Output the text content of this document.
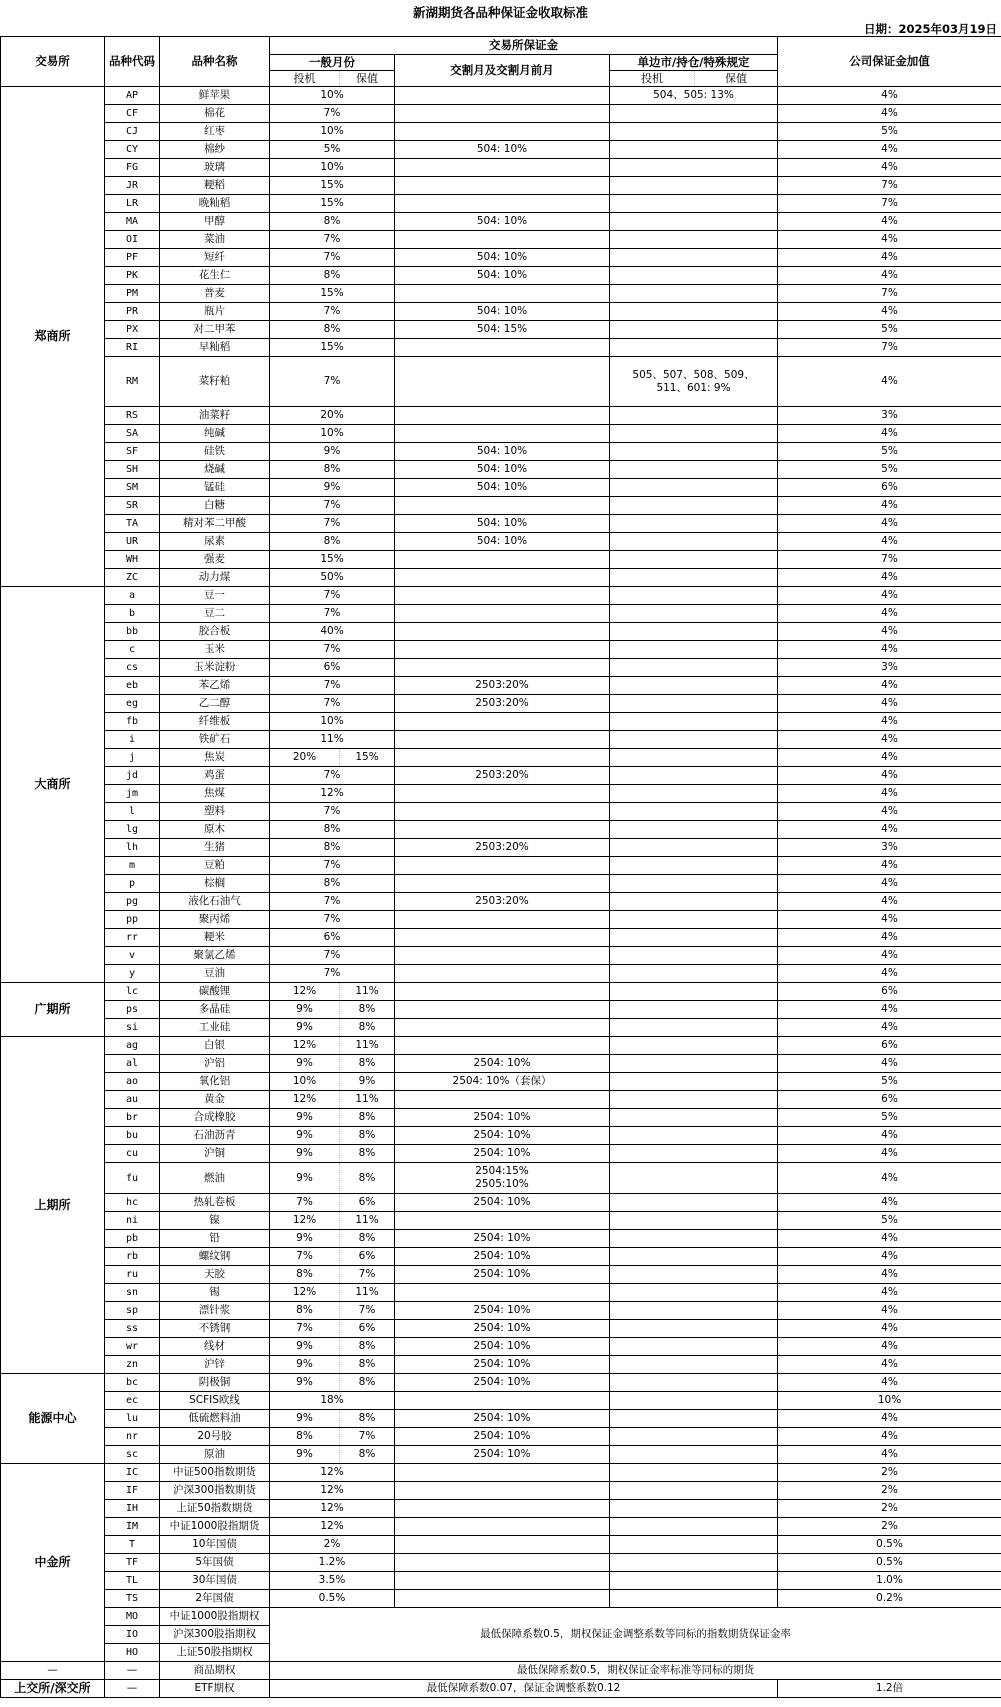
新湖期货各品种保证金收取标准
日期：2025年03月19日
交易所	品种代码	品种名称	交易所保证金					公司保证金加值
			一般月份		交割月及交割月前月	单边市/持仓/特殊规定		
			投机	保值		投机	保值	
郑商所	AP	鲜苹果	10%			504、505: 13%		4%
	CF	棉花	7%					4%
	CJ	红枣	10%					5%
	CY	棉纱	5%		504: 10%			4%
	FG	玻璃	10%					4%
	JR	粳稻	15%					7%
	LR	晚籼稻	15%					7%
	MA	甲醇	8%		504: 10%			4%
	OI	菜油	7%					4%
	PF	短纤	7%		504: 10%			4%
	PK	花生仁	8%		504: 10%			4%
	PM	普麦	15%					7%
	PR	瓶片	7%		504: 10%			4%
	PX	对二甲苯	8%		504: 15%			5%
	RI	早籼稻	15%					7%
	RM	菜籽粕	7%			505、507、508、509、511、601: 9%		4%
	RS	油菜籽	20%					3%
	SA	纯碱	10%					4%
	SF	硅铁	9%		504: 10%			5%
	SH	烧碱	8%		504: 10%			5%
	SM	锰硅	9%		504: 10%			6%
	SR	白糖	7%					4%
	TA	精对苯二甲酸	7%		504: 10%			4%
	UR	尿素	8%		504: 10%			4%
	WH	强麦	15%					7%
	ZC	动力煤	50%					4%
大商所	a	豆一	7%					4%
	b	豆二	7%					4%
	bb	胶合板	40%					4%
	c	玉米	7%					4%
	cs	玉米淀粉	6%					3%
	eb	苯乙烯	7%		2503:20%			4%
	eg	乙二醇	7%		2503:20%			4%
	fb	纤维板	10%					4%
	i	铁矿石	11%					4%
	j	焦炭	20%	15%				4%
	jd	鸡蛋	7%		2503:20%			4%
	jm	焦煤	12%					4%
	l	塑料	7%					4%
	lg	原木	8%					4%
	lh	生猪	8%		2503:20%			3%
	m	豆粕	7%					4%
	p	棕榈	8%					4%
	pg	液化石油气	7%		2503:20%			4%
	pp	聚丙烯	7%					4%
	rr	粳米	6%					4%
	v	聚氯乙烯	7%					4%
	y	豆油	7%					4%
广期所	lc	碳酸锂	12%	11%				6%
	ps	多晶硅	9%	8%				4%
	si	工业硅	9%	8%				4%
上期所	ag	白银	12%	11%				6%
	al	沪铝	9%	8%	2504: 10%			4%
	ao	氧化铝	10%	9%	2504: 10%（套保）			5%
	au	黄金	12%	11%				6%
	br	合成橡胶	9%	8%	2504: 10%			5%
	bu	石油沥青	9%	8%	2504: 10%			4%
	cu	沪铜	9%	8%	2504: 10%			4%
	fu	燃油	9%	8%	2504:15%
2505:10%			4%
	hc	热轧卷板	7%	6%	2504: 10%			4%
	ni	镍	12%	11%				5%
	pb	铅	9%	8%	2504: 10%			4%
	rb	螺纹钢	7%	6%	2504: 10%			4%
	ru	天胶	8%	7%	2504: 10%			4%
	sn	锡	12%	11%				4%
	sp	漂针浆	8%	7%	2504: 10%			4%
	ss	不锈钢	7%	6%	2504: 10%			4%
	wr	线材	9%	8%	2504: 10%			4%
	zn	沪锌	9%	8%	2504: 10%			4%
能源中心	bc	阴极铜	9%	8%	2504: 10%			4%
	ec	SCFIS欧线	18%					10%
	lu	低硫燃料油	9%	8%	2504: 10%			4%
	nr	20号胶	8%	7%	2504: 10%			4%
	sc	原油	9%	8%	2504: 10%			4%
中金所	IC	中证500指数期货	12%					2%
	IF	沪深300指数期货	12%					2%
	IH	上证50指数期货	12%					2%
	IM	中证1000股指期货	12%					2%
	T	10年国债	2%					0.5%
	TF	5年国债	1.2%					0.5%
	TL	30年国债	3.5%					1.0%
	TS	2年国债	0.5%					0.2%
	MO	中证1000股指期权	最低保障系数0.5，期权保证金调整系数等同标的指数期货保证金率					
	IO	沪深300股指期权						
	HO	上证50股指期权						
—	—	商品期权	最低保障系数0.5，期权保证金率标准等同标的期货					
上交所/深交所	—	ETF期权	最低保障系数0.07，保证金调整系数0.12					1.2倍
